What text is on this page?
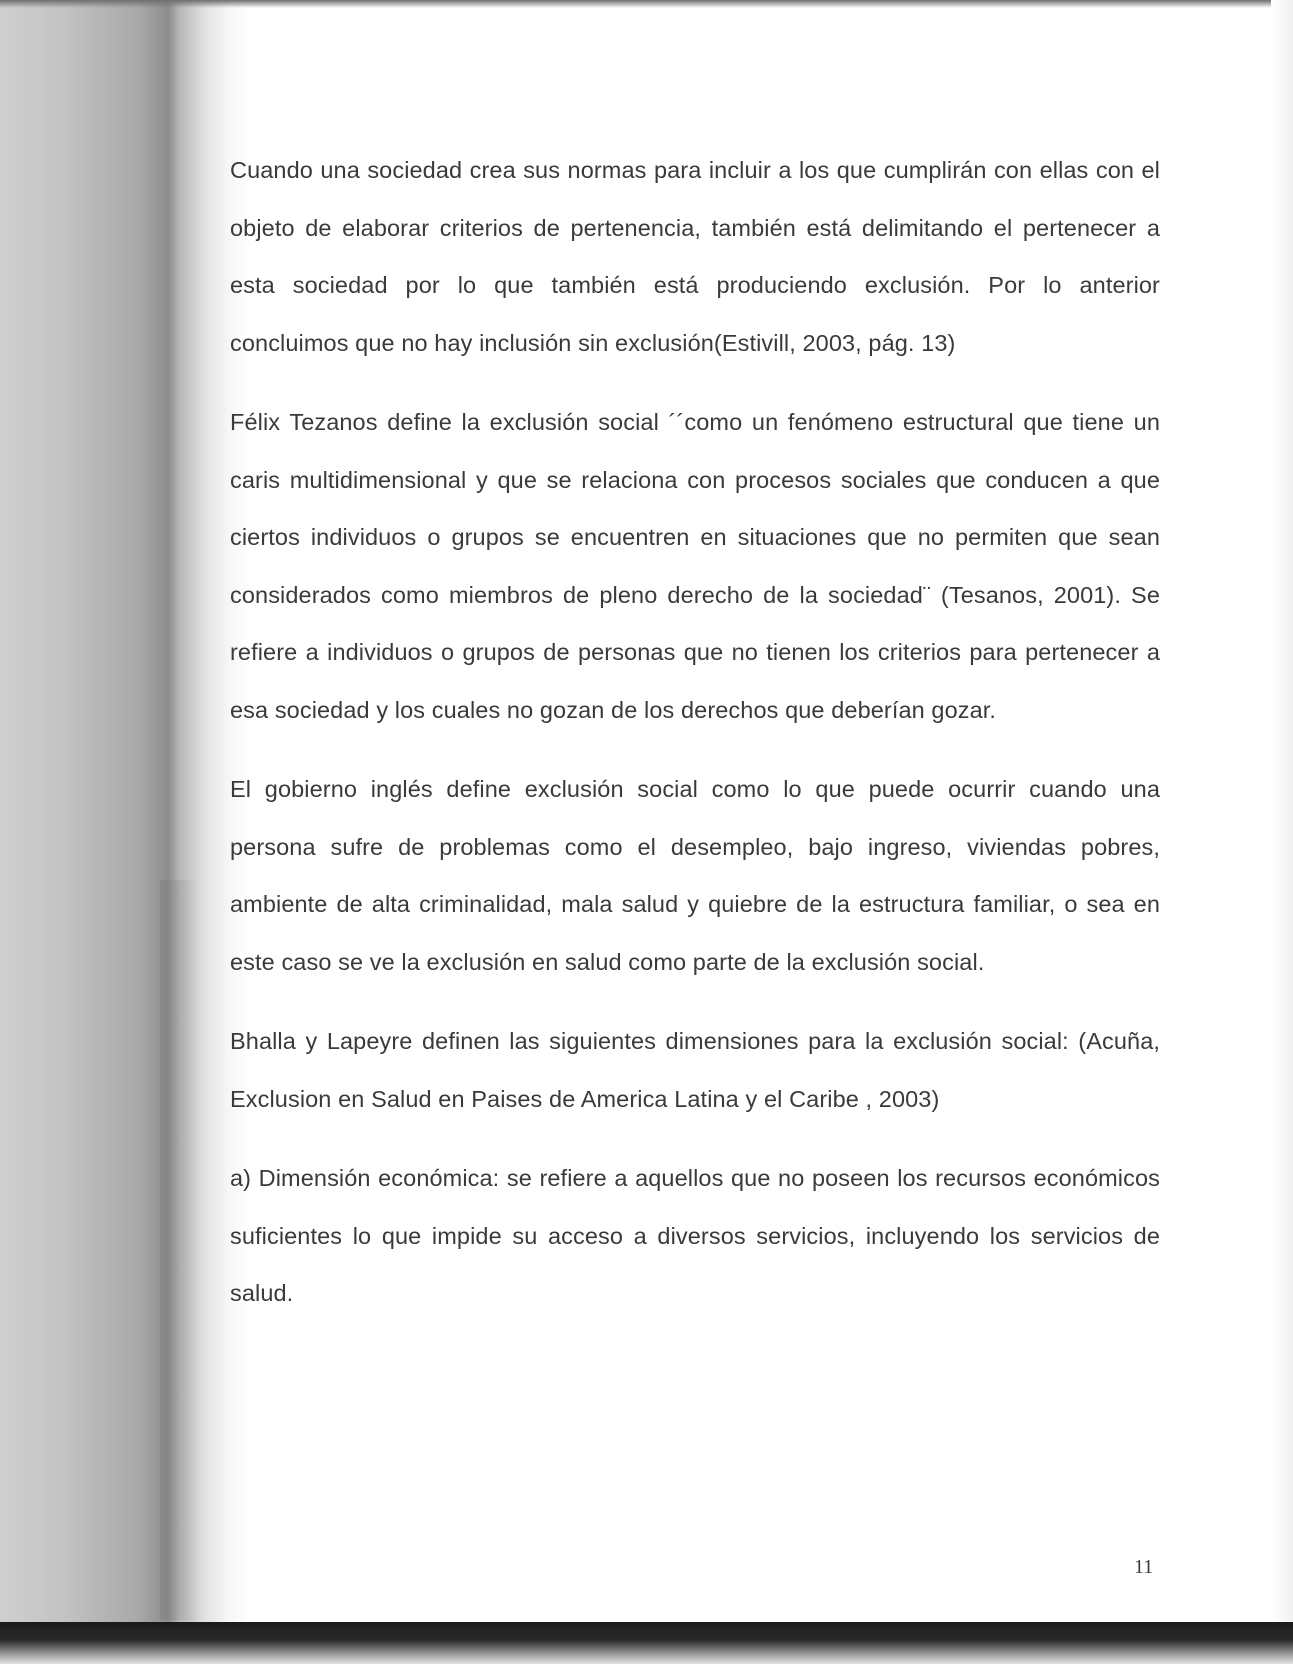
Cuando una sociedad crea sus normas para incluir a los que cumplirán con ellas con el objeto de elaborar criterios de pertenencia, también está delimitando el pertenecer a esta sociedad por lo que también está produciendo exclusión. Por lo anterior concluimos que no hay inclusión sin exclusión(Estivill, 2003, pág. 13)

Félix Tezanos define la exclusión social ´´como un fenómeno estructural que tiene un caris multidimensional y que se relaciona con procesos sociales que conducen a que ciertos individuos o grupos se encuentren en situaciones que no permiten que sean considerados como miembros de pleno derecho de la sociedad¨ (Tesanos, 2001). Se refiere a individuos o grupos de personas que no tienen los criterios para pertenecer a esa sociedad y los cuales no gozan de los derechos que deberían gozar.

El gobierno inglés define exclusión social como lo que puede ocurrir cuando una persona sufre de problemas como el desempleo, bajo ingreso, viviendas pobres, ambiente de alta criminalidad, mala salud y quiebre de la estructura familiar, o sea en este caso se ve la exclusión en salud como parte de la exclusión social.

Bhalla y Lapeyre definen las siguientes dimensiones para la exclusión social: (Acuña, Exclusion en Salud en Paises de America Latina y el Caribe , 2003)

a) Dimensión económica: se refiere a aquellos que no poseen los recursos económicos suficientes lo que impide su acceso a diversos servicios, incluyendo los servicios de salud.

11
